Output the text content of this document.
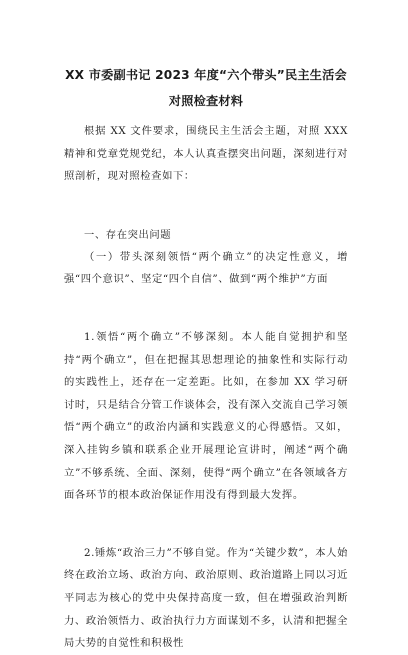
XX 市委副书记 2023 年度“六个带头”民主生活会

对照检查材料

根据 XX 文件要求，围绕民主生活会主题，对照 XXX 精神和党章党规党纪，本人认真查摆突出问题，深刻进行对照剖析，现对照检查如下：

一、存在突出问题

（一）带头深刻领悟“两个确立”的决定性意义，增强“四个意识”、坚定“四个自信”、做到“两个维护”方面

1.领悟“两个确立”不够深刻。本人能自觉拥护和坚持“两个确立”，但在把握其思想理论的抽象性和实际行动的实践性上，还存在一定差距。比如，在参加 XX 学习研讨时，只是结合分管工作谈体会，没有深入交流自己学习领悟“两个确立”的政治内涵和实践意义的心得感悟。又如，深入挂钩乡镇和联系企业开展理论宣讲时，阐述“两个确立”不够系统、全面、深刻，使得“两个确立”在各领域各方面各环节的根本政治保证作用没有得到最大发挥。

2.锤炼“政治三力”不够自觉。作为“关键少数”，本人始终在政治立场、政治方向、政治原则、政治道路上同以习近平同志为核心的党中央保持高度一致，但在增强政治判断力、政治领悟力、政治执行力方面谋划不多，认清和把握全局大势的自觉性和积极性
